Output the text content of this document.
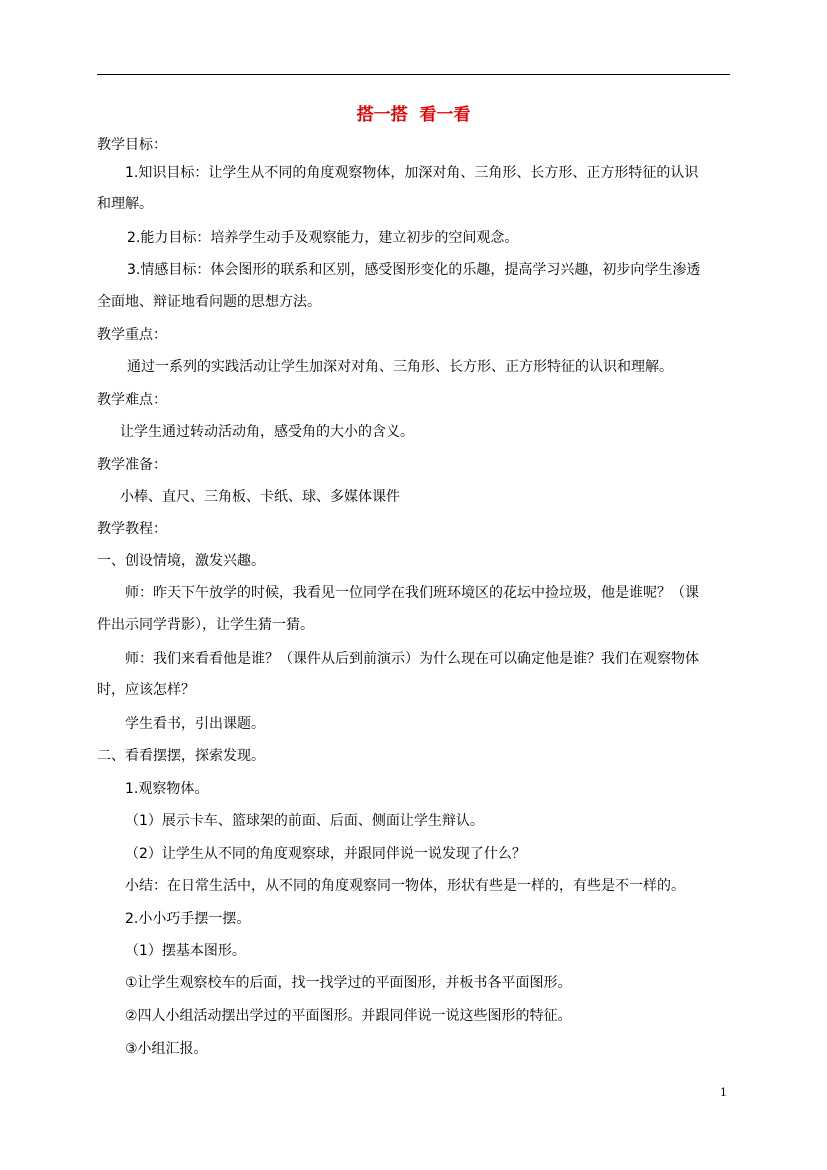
搭一搭  看一看
教学目标：
1.知识目标：让学生从不同的角度观察物体，加深对角、三角形、长方形、正方形特征的认识
和理解。
2.能力目标：培养学生动手及观察能力，建立初步的空间观念。
3.情感目标：体会图形的联系和区别，感受图形变化的乐趣，提高学习兴趣，初步向学生渗透
全面地、辩证地看问题的思想方法。
教学重点：
通过一系列的实践活动让学生加深对对角、三角形、长方形、正方形特征的认识和理解。
教学难点：
让学生通过转动活动角，感受角的大小的含义。
教学准备：
小棒、直尺、三角板、卡纸、球、多媒体课件
教学教程：
一、创设情境，激发兴趣。
师：昨天下午放学的时候，我看见一位同学在我们班环境区的花坛中捡垃圾，他是谁呢？（课
件出示同学背影），让学生猜一猜。
师：我们来看看他是谁？（课件从后到前演示）为什么现在可以确定他是谁？我们在观察物体
时，应该怎样？
学生看书，引出课题。
二、看看摆摆，探索发现。
1.观察物体。
（1）展示卡车、篮球架的前面、后面、侧面让学生辩认。
（2）让学生从不同的角度观察球，并跟同伴说一说发现了什么？
小结：在日常生活中，从不同的角度观察同一物体，形状有些是一样的，有些是不一样的。
2.小小巧手摆一摆。
（1）摆基本图形。
①让学生观察校车的后面，找一找学过的平面图形，并板书各平面图形。
②四人小组活动摆出学过的平面图形。并跟同伴说一说这些图形的特征。
③小组汇报。
1
